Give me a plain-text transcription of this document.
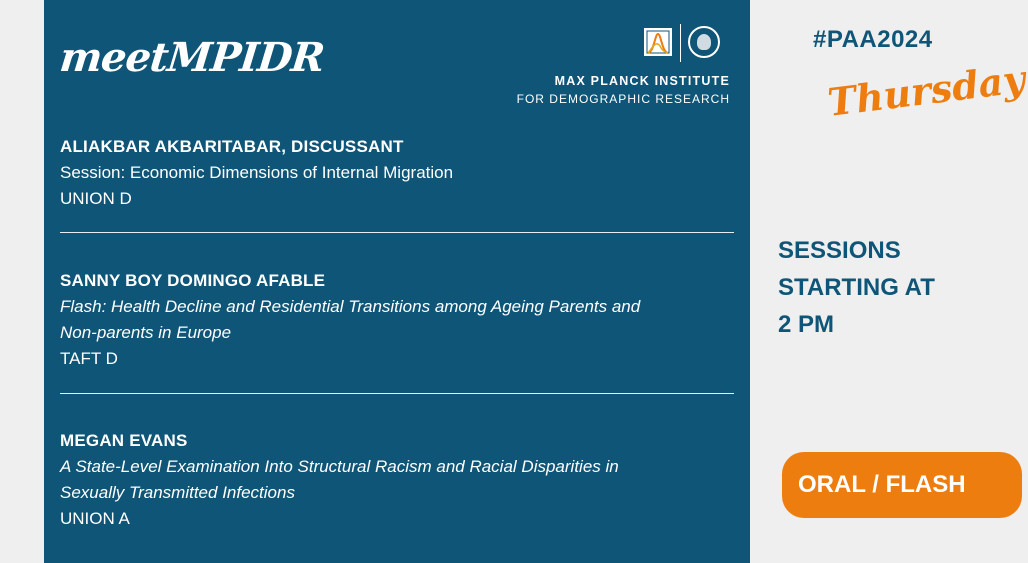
meetMPIDR	MAX PLANCK INSTITUTE
FOR DEMOGRAPHIC RESEARCH
ALIAKBAR AKBARITABAR, DISCUSSANT
Session: Economic Dimensions of Internal Migration
UNION D
SANNY BOY DOMINGO AFABLE
Flash: Health Decline and Residential Transitions among Ageing Parents and
Non-parents in Europe
TAFT D
MEGAN EVANS
A State-Level Examination Into Structural Racism and Racial Disparities in
Sexually Transmitted Infections
UNION A
#PAA2024
Thursday
SESSIONS
STARTING AT
2 PM
ORAL / FLASH
